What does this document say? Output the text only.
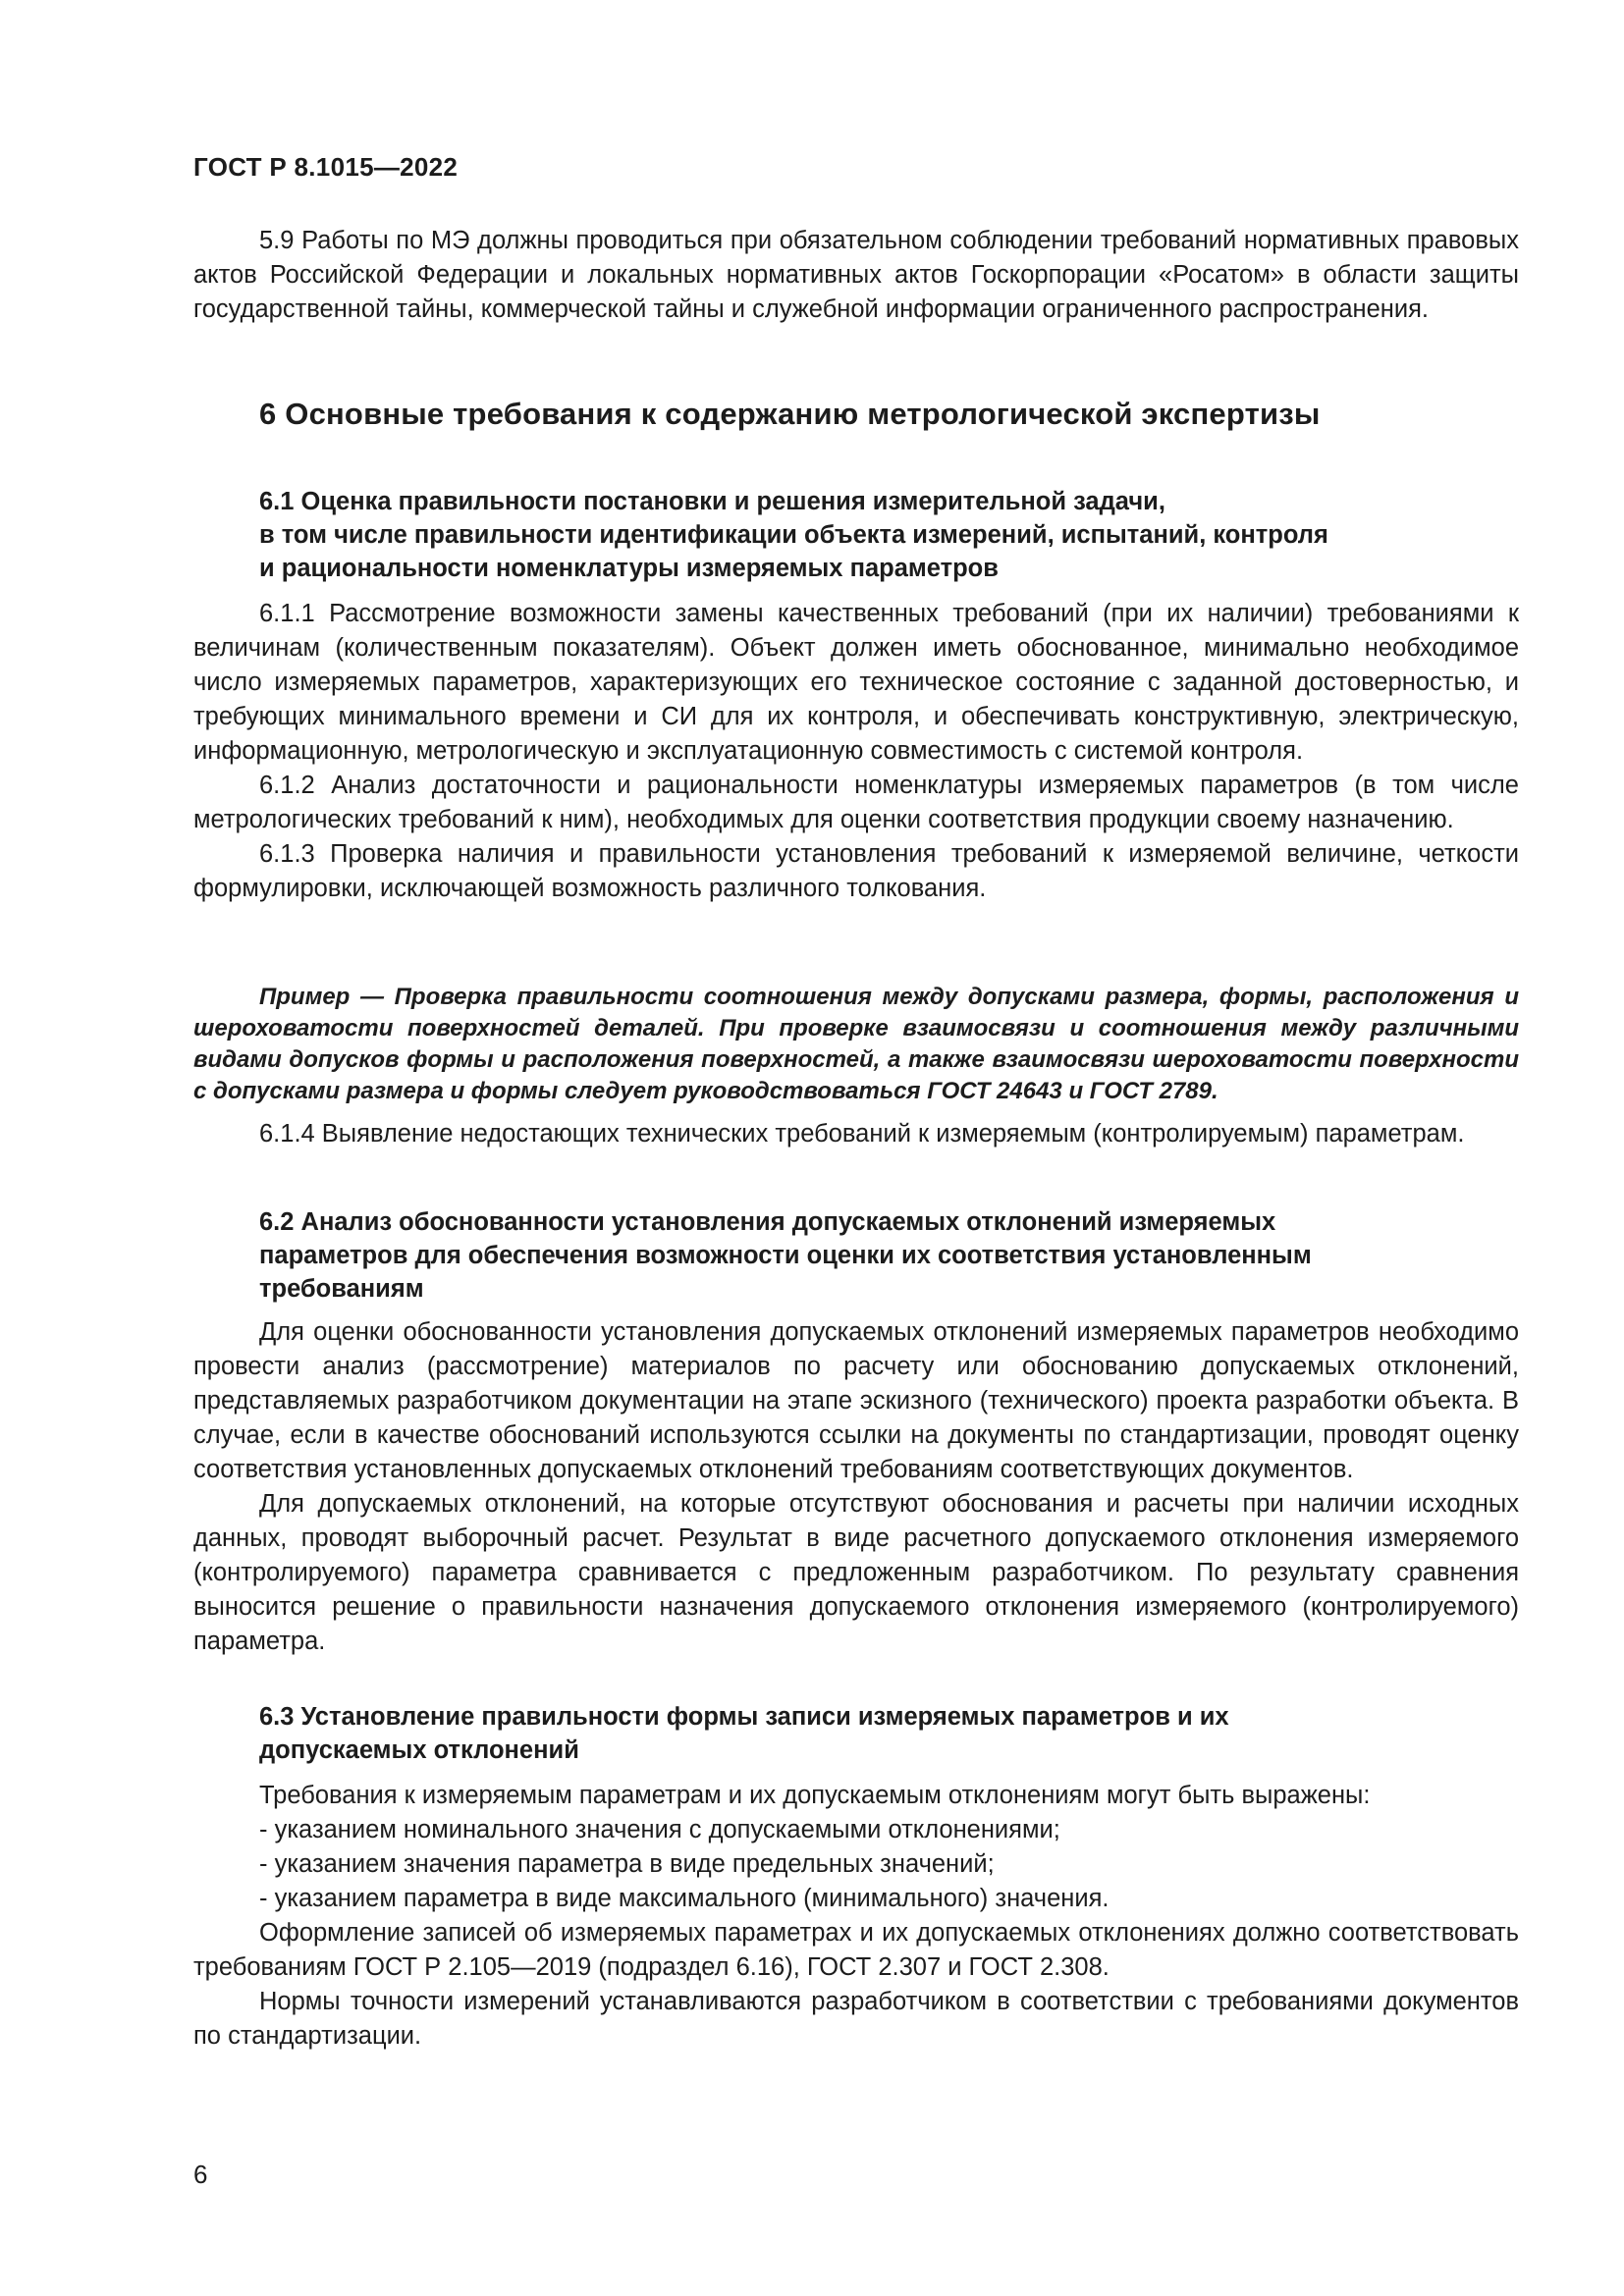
ГОСТ Р 8.1015—2022

5.9 Работы по МЭ должны проводиться при обязательном соблюдении требований нормативных правовых актов Российской Федерации и локальных нормативных актов Госкорпорации «Росатом» в области защиты государственной тайны, коммерческой тайны и служебной информации ограниченного распространения.

6 Основные требования к содержанию метрологической экспертизы

6.1 Оценка правильности постановки и решения измерительной задачи,

в том числе правильности идентификации объекта измерений, испытаний, контроля

и рациональности номенклатуры измеряемых параметров

6.1.1 Рассмотрение возможности замены качественных требований (при их наличии) требованиями к величинам (количественным показателям). Объект должен иметь обоснованное, минимально необходимое число измеряемых параметров, характеризующих его техническое состояние с заданной достоверностью, и требующих минимального времени и СИ для их контроля, и обеспечивать конструктивную, электрическую, информационную, метрологическую и эксплуатационную совместимость с системой контроля.

6.1.2 Анализ достаточности и рациональности номенклатуры измеряемых параметров (в том числе метрологических требований к ним), необходимых для оценки соответствия продукции своему назначению.

6.1.3 Проверка наличия и правильности установления требований к измеряемой величине, четкости формулировки, исключающей возможность различного толкования.

Пример — Проверка правильности соотношения между допусками размера, формы, расположения и шероховатости поверхностей деталей. При проверке взаимосвязи и соотношения между различными видами допусков формы и расположения поверхностей, а также взаимосвязи шероховатости поверхности с допусками размера и формы следует руководствоваться ГОСТ 24643 и ГОСТ 2789.

6.1.4 Выявление недостающих технических требований к измеряемым (контролируемым) параметрам.

6.2 Анализ обоснованности установления допускаемых отклонений измеряемых

параметров для обеспечения возможности оценки их соответствия установленным

требованиям

Для оценки обоснованности установления допускаемых отклонений измеряемых параметров необходимо провести анализ (рассмотрение) материалов по расчету или обоснованию допускаемых отклонений, представляемых разработчиком документации на этапе эскизного (технического) проекта разработки объекта. В случае, если в качестве обоснований используются ссылки на документы по стандартизации, проводят оценку соответствия установленных допускаемых отклонений требованиям соответствующих документов.

Для допускаемых отклонений, на которые отсутствуют обоснования и расчеты при наличии исходных данных, проводят выборочный расчет. Результат в виде расчетного допускаемого отклонения измеряемого (контролируемого) параметра сравнивается с предложенным разработчиком. По результату сравнения выносится решение о правильности назначения допускаемого отклонения измеряемого (контролируемого) параметра.

6.3 Установление правильности формы записи измеряемых параметров и их

допускаемых отклонений

Требования к измеряемым параметрам и их допускаемым отклонениям могут быть выражены:

- указанием номинального значения с допускаемыми отклонениями;

- указанием значения параметра в виде предельных значений;

- указанием параметра в виде максимального (минимального) значения.

Оформление записей об измеряемых параметрах и их допускаемых отклонениях должно соответствовать требованиям ГОСТ Р 2.105—2019 (подраздел 6.16), ГОСТ 2.307 и ГОСТ 2.308.

Нормы точности измерений устанавливаются разработчиком в соответствии с требованиями документов по стандартизации.

6
